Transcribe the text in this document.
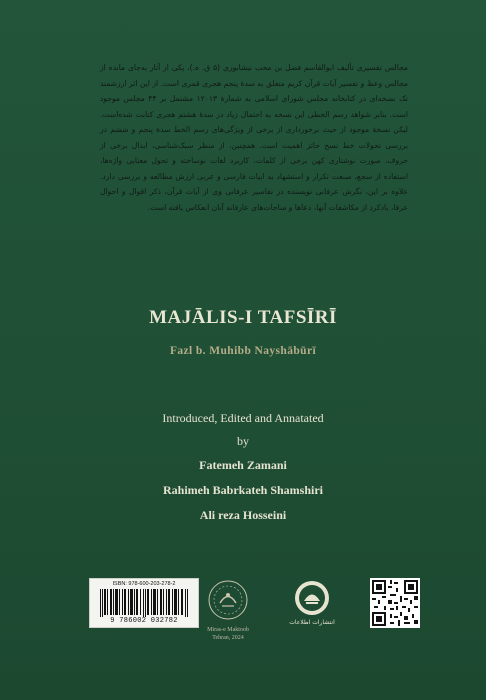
مجالس تفسیری تألیف ابوالقاسم فضل بن محب نیشابوری (۵ ق. ه.)، یکی از آثار به‌جای مانده از مجالس وعظ و تفسیر آیات قرآن کریم متعلق به سدهٔ پنجم هجری قمری است. از این اثر ارزشمند تک نسخه‌ای در کتابخانه مجلس شورای اسلامی به شمارهٔ ۱۲۰۱۳ مشتمل بر ۴۴ مجلس موجود است. بنابر شواهد رسم الخطی این نسخه به احتمال زیاد در سدهٔ هشتم هجری کتابت شده‌است. لیکن نسخهٔ موجود از حیث برخورداری از برخی از ویژگی‌های رسم الخط سدهٔ پنجم و ششم در بررسی تحولات خط نسخ حائز اهمیت است. همچنین، از منظر سبک‌شناسی، ابدال برخی از حروف، صورت نوشتاری کهن برخی از کلمات، کاربرد لغات نوساخته و تحول معنایی واژه‌ها، استفاده از سجع، صنعت تکرار و استشهاد به ابیات فارسی و عربی ارزش مطالعه و بررسی دارد. علاوه بر این، نگرش عرفانی نویسنده در تفاسیر عرفانی وی از آیات قرآن، ذکر اقوال و احوال عرفا، یادکرد از مکاشفات آنها، دعاها و مناجات‌های عارفانه آنان انعکاس یافته است.

MAJĀLIS-I TAFSĪRĪ
Fazl b. Muhibb Nayshābūrī
Introduced, Edited and Annatated
by
Fatemeh Zamani
Rahimeh Babrkateh Shamshiri
Ali reza Hosseini
ISBN: 978-600-203-278-2
9 786002 032782
Miras-e Maktoob
Tehran, 2024
انتشارات اطلاعات
